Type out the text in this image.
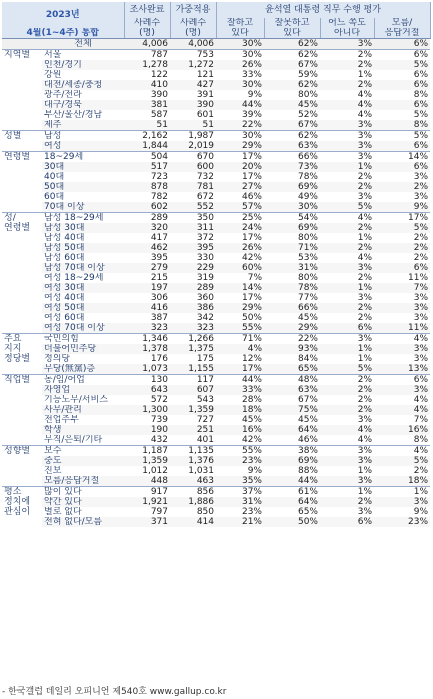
2023년		조사완료	가중적용	윤석열 대통령 직무 수행 평가			
		사례수	사례수	잘하고	잘못하고	어느 쪽도	모름/
4월(1~4주) 통합		(명)	(명)	있다	있다	아니다	응답거절
	전체	4,006	4,006	30%	62%	3%	6%
지역별	서울	787	753	30%	62%	2%	6%
	인천/경기	1,278	1,272	26%	67%	2%	5%
	강원	122	121	33%	59%	1%	6%
	대전/세종/충청	410	427	30%	62%	2%	6%
	광주/전라	390	391	9%	80%	4%	8%
	대구/경북	381	390	44%	45%	4%	6%
	부산/울산/경남	587	601	39%	52%	4%	5%
	제주	51	51	22%	67%	3%	8%
성별	남성	2,162	1,987	30%	62%	3%	5%
	여성	1,844	2,019	29%	63%	3%	6%
연령별	18~29세	504	670	17%	66%	3%	14%
	30대	517	600	20%	73%	1%	6%
	40대	723	732	17%	78%	2%	3%
	50대	878	781	27%	69%	2%	2%
	60대	782	672	46%	49%	3%	3%
	70대 이상	602	552	57%	30%	5%	9%
성/
연령별	남성 18~29세	289	350	25%	54%	4%	17%
	남성 30대	320	311	24%	69%	2%	5%
	남성 40대	417	372	17%	80%	1%	2%
	남성 50대	462	395	26%	71%	2%	2%
	남성 60대	395	330	42%	53%	4%	2%
	남성 70대 이상	279	229	60%	31%	3%	6%
	여성 18~29세	215	319	7%	80%	2%	11%
	여성 30대	197	289	14%	78%	1%	7%
	여성 40대	306	360	17%	77%	3%	3%
	여성 50대	416	386	29%	66%	2%	3%
	여성 60대	387	342	50%	45%	2%	3%
	여성 70대 이상	323	323	55%	29%	6%	11%
주요
지지
정당별	국민의힘	1,346	1,266	71%	22%	3%	4%
	더불어민주당	1,378	1,375	4%	93%	1%	3%
	정의당	176	175	12%	84%	1%	3%
	무당(無黨)층	1,073	1,155	17%	65%	5%	13%
직업별	농/임/어업	130	117	44%	48%	2%	6%
	자영업	643	607	33%	63%	2%	3%
	기능노무/서비스	572	543	28%	67%	2%	4%
	사무/관리	1,300	1,359	18%	75%	2%	4%
	전업주부	739	727	45%	45%	3%	7%
	학생	190	251	16%	64%	4%	16%
	무직/은퇴/기타	432	401	42%	46%	4%	8%
성향별	보수	1,187	1,135	55%	38%	3%	4%
	중도	1,359	1,376	23%	69%	3%	5%
	진보	1,012	1,031	9%	88%	1%	2%
	모름/응답거절	448	463	35%	44%	3%	18%
평소
정치에
관심이	많이 있다	917	856	37%	61%	1%	1%
	약간 있다	1,921	1,886	31%	64%	2%	3%
	별로 없다	797	850	23%	65%	3%	9%
	전혀 없다/모름	371	414	21%	50%	6%	23%
- 한국갤럽 데일리 오피니언 제540호 www.gallup.co.kr
